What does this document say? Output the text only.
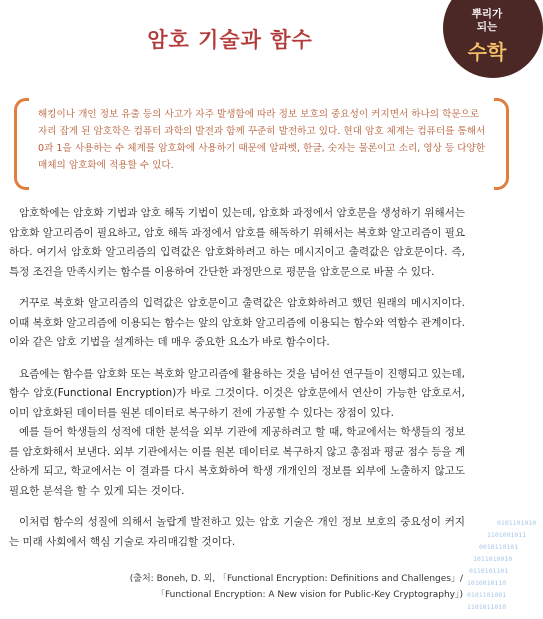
암호 기술과 함수
뿌리가
되는
수학
해킹이나 개인 정보 유출 등의 사고가 자주 발생함에 따라 정보 보호의 중요성이 커지면서 하나의 학문으로 자리 잡게 된 암호학은 컴퓨터 과학의 발전과 함께 꾸준히 발전하고 있다. 현대 암호 체계는 컴퓨터를 통해서 0과 1을 사용하는 수 체계를 암호화에 사용하기 때문에 알파벳, 한글, 숫자는 물론이고 소리, 영상 등 다양한 매체의 암호화에 적용할 수 있다.

암호학에는 암호화 기법과 암호 해독 기법이 있는데, 암호화 과정에서 암호문을 생성하기 위해서는 암호화 알고리즘이 필요하고, 암호 해독 과정에서 암호를 해독하기 위해서는 복호화 알고리즘이 필요하다. 여기서 암호화 알고리즘의 입력값은 암호화하려고 하는 메시지이고 출력값은 암호문이다. 즉, 특정 조건을 만족시키는 함수를 이용하여 간단한 과정만으로 평문을 암호문으로 바꿀 수 있다.

거꾸로 복호화 알고리즘의 입력값은 암호문이고 출력값은 암호화하려고 했던 원래의 메시지이다. 이때 복호화 알고리즘에 이용되는 함수는 앞의 암호화 알고리즘에 이용되는 함수와 역함수 관계이다. 이와 같은 암호 기법을 설계하는 데 매우 중요한 요소가 바로 함수이다.

요즘에는 함수를 암호화 또는 복호화 알고리즘에 활용하는 것을 넘어선 연구들이 진행되고 있는데, 함수 암호(Functional Encryption)가 바로 그것이다. 이것은 암호문에서 연산이 가능한 암호로서, 이미 암호화된 데이터를 원본 데이터로 복구하기 전에 가공할 수 있다는 장점이 있다.

예를 들어 학생들의 성적에 대한 분석을 외부 기관에 제공하려고 할 때, 학교에서는 학생들의 정보를 암호화해서 보낸다. 외부 기관에서는 이를 원본 데이터로 복구하지 않고 총점과 평균 점수 등을 계산하게 되고, 학교에서는 이 결과를 다시 복호화하여 학생 개개인의 정보를 외부에 노출하지 않고도 필요한 분석을 할 수 있게 되는 것이다.

이처럼 함수의 성질에 의해서 놀랍게 발전하고 있는 암호 기술은 개인 정보 보호의 중요성이 커지는 미래 사회에서 핵심 기술로 자리매김할 것이다.

(출처: Boneh, D. 외, 「Functional Encryption: Definitions and Challenges」/
「Functional Encryption: A New vision for Public-Key Cryptography」)
0101101010
1101001011
0010110101
1011010010
0110101101
1010010110
0101101001
1101011010
